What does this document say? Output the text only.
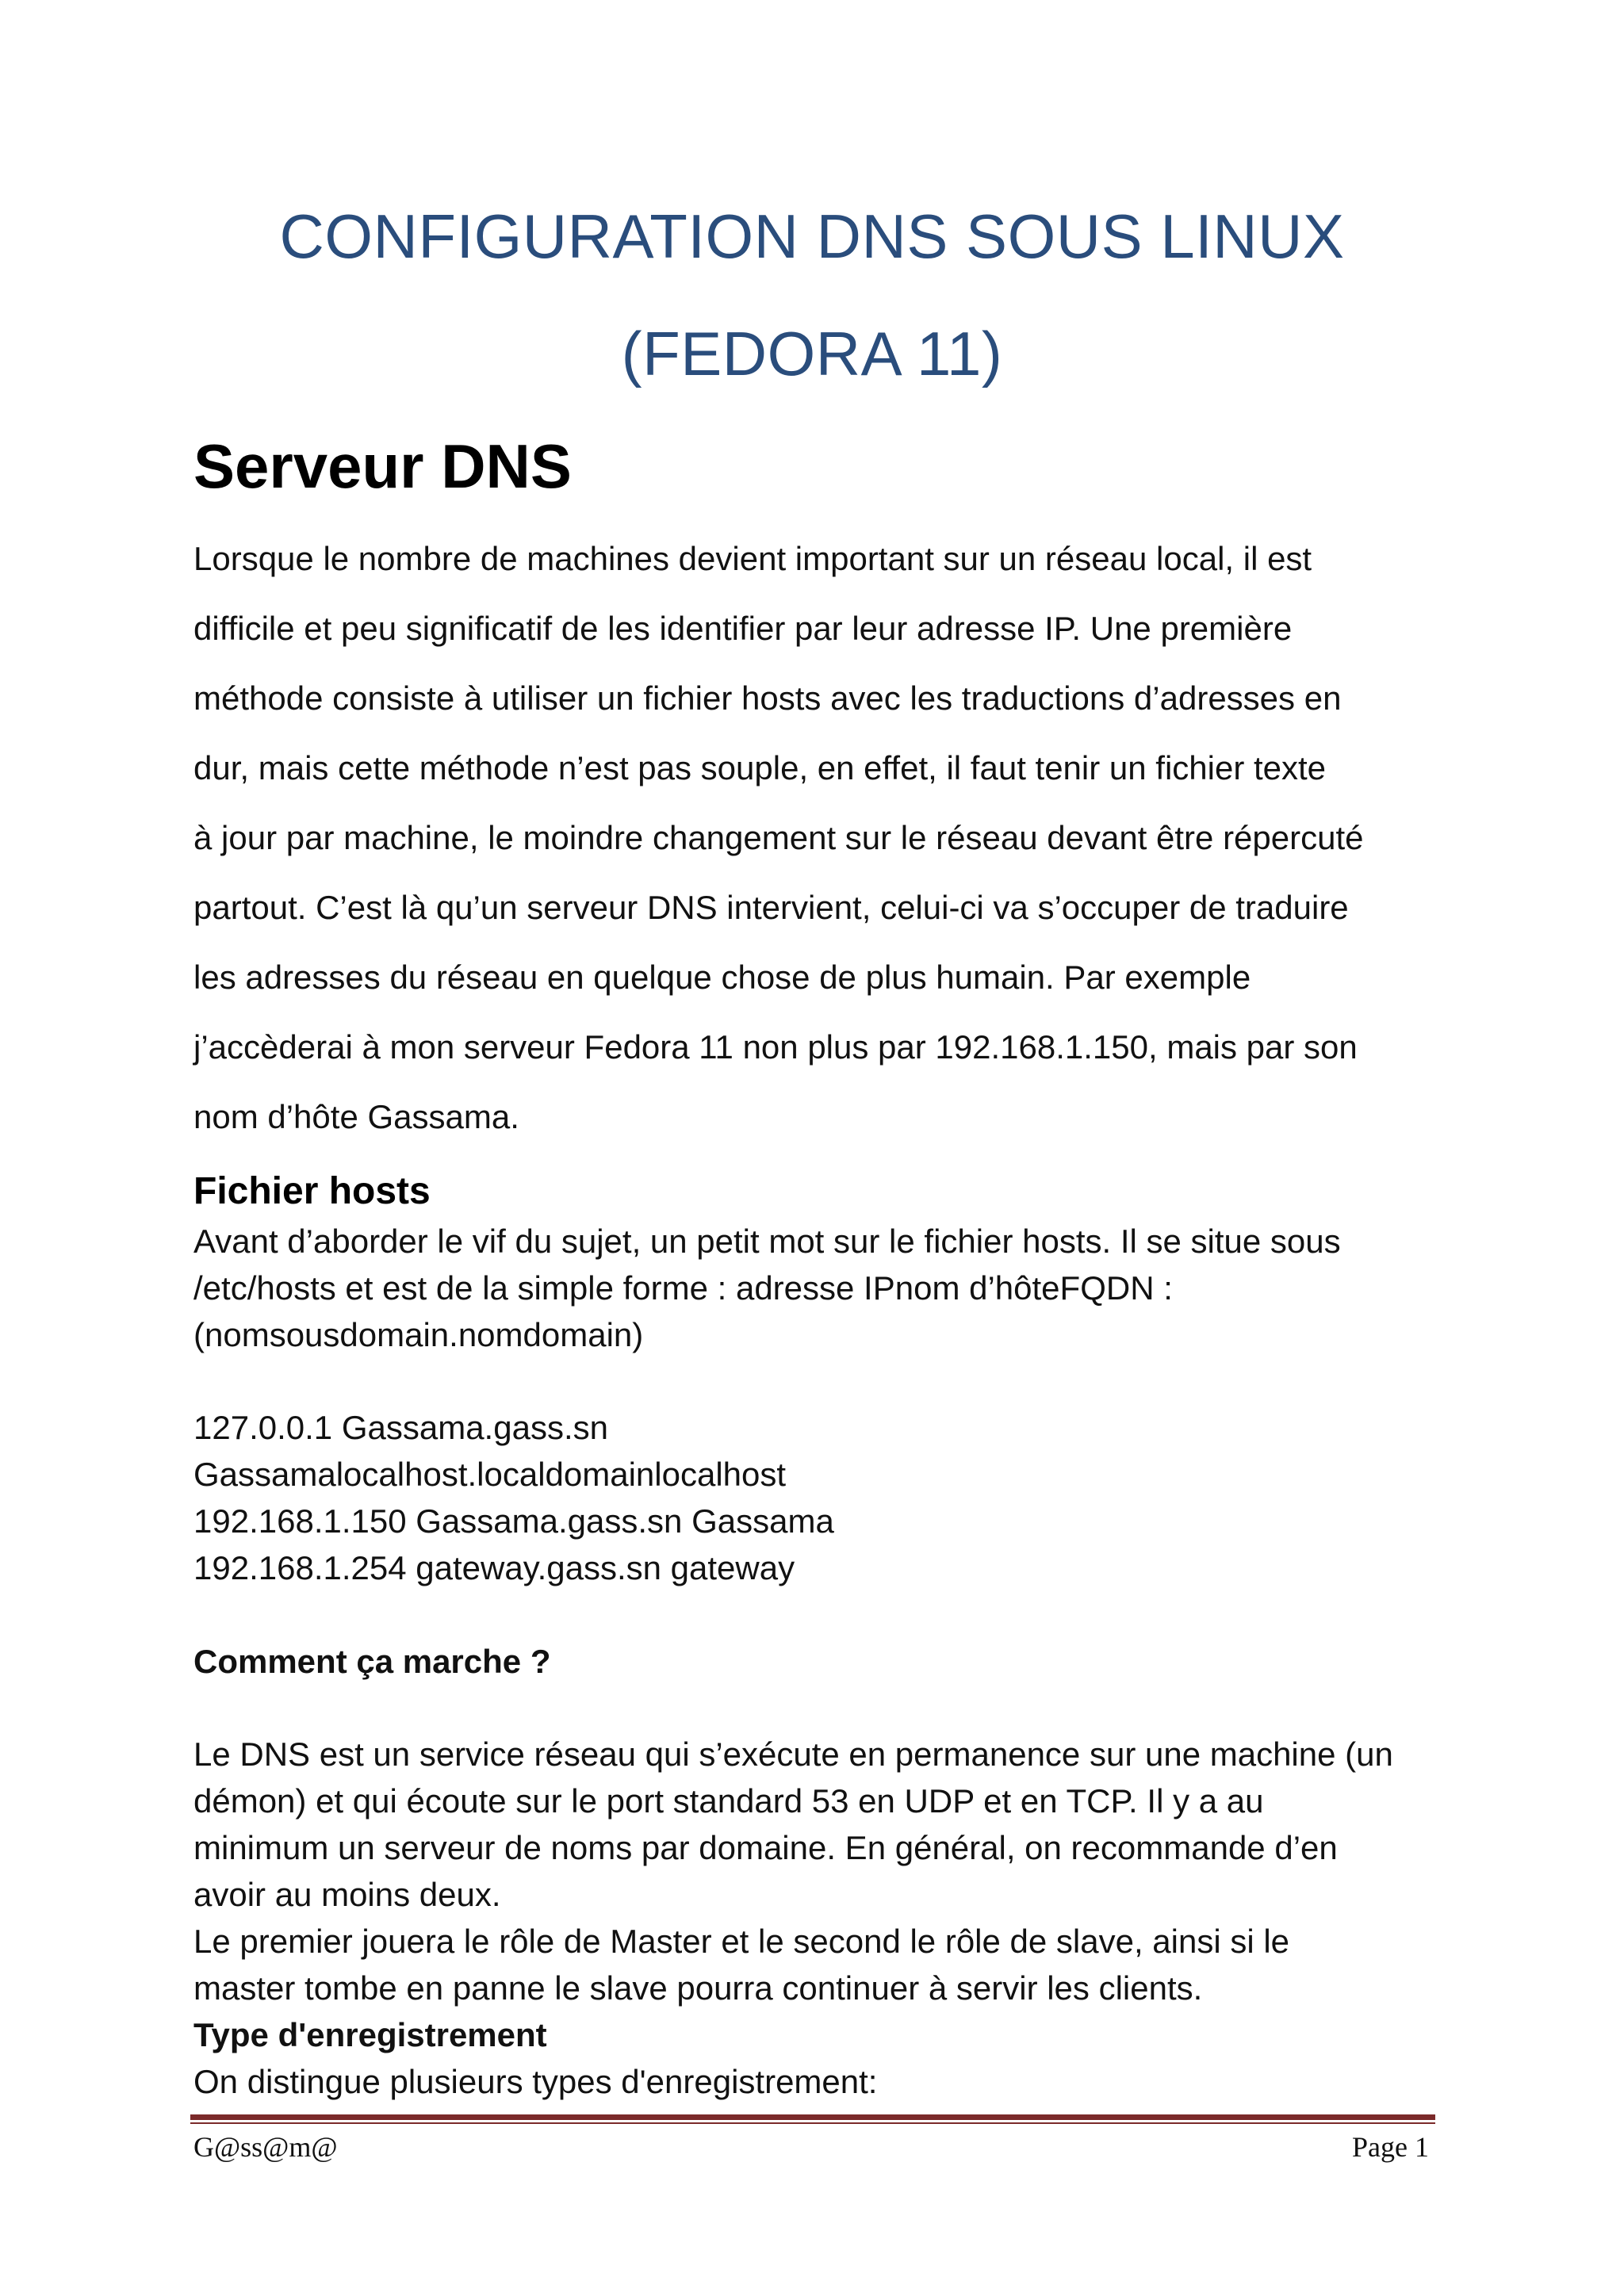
CONFIGURATION DNS SOUS LINUX
(FEDORA 11)
Serveur DNS
Lorsque le nombre de machines devient important sur un réseau local, il est
difficile et peu significatif de les identifier par leur adresse IP. Une première
méthode consiste à utiliser un fichier hosts avec les traductions d’adresses en
dur, mais cette méthode n’est pas souple, en effet, il faut tenir un fichier texte
à jour par machine, le moindre changement sur le réseau devant être répercuté
partout. C’est là qu’un serveur DNS intervient, celui-ci va s’occuper de traduire
les adresses du réseau en quelque chose de plus humain. Par exemple
j’accèderai à mon serveur Fedora 11 non plus par 192.168.1.150, mais par son
nom d’hôte Gassama.
Fichier hosts
Avant d’aborder le vif du sujet, un petit mot sur le fichier hosts. Il se situe sous
/etc/hosts et est de la simple forme : adresse IPnom d’hôteFQDN :
(nomsousdomain.nomdomain)
127.0.0.1 Gassama.gass.sn
Gassamalocalhost.localdomainlocalhost
192.168.1.150 Gassama.gass.sn Gassama
192.168.1.254 gateway.gass.sn gateway
Comment ça marche ?
Le DNS est un service réseau qui s’exécute en permanence sur une machine (un
démon) et qui écoute sur le port standard 53 en UDP et en TCP. Il y a au
minimum un serveur de noms par domaine. En général, on recommande d’en
avoir au moins deux.
Le premier jouera le rôle de Master et le second le rôle de slave, ainsi si le
master tombe en panne le slave pourra continuer à servir les clients.
Type d'enregistrement
On distingue plusieurs types d'enregistrement:
G@ss@m@	Page 1
